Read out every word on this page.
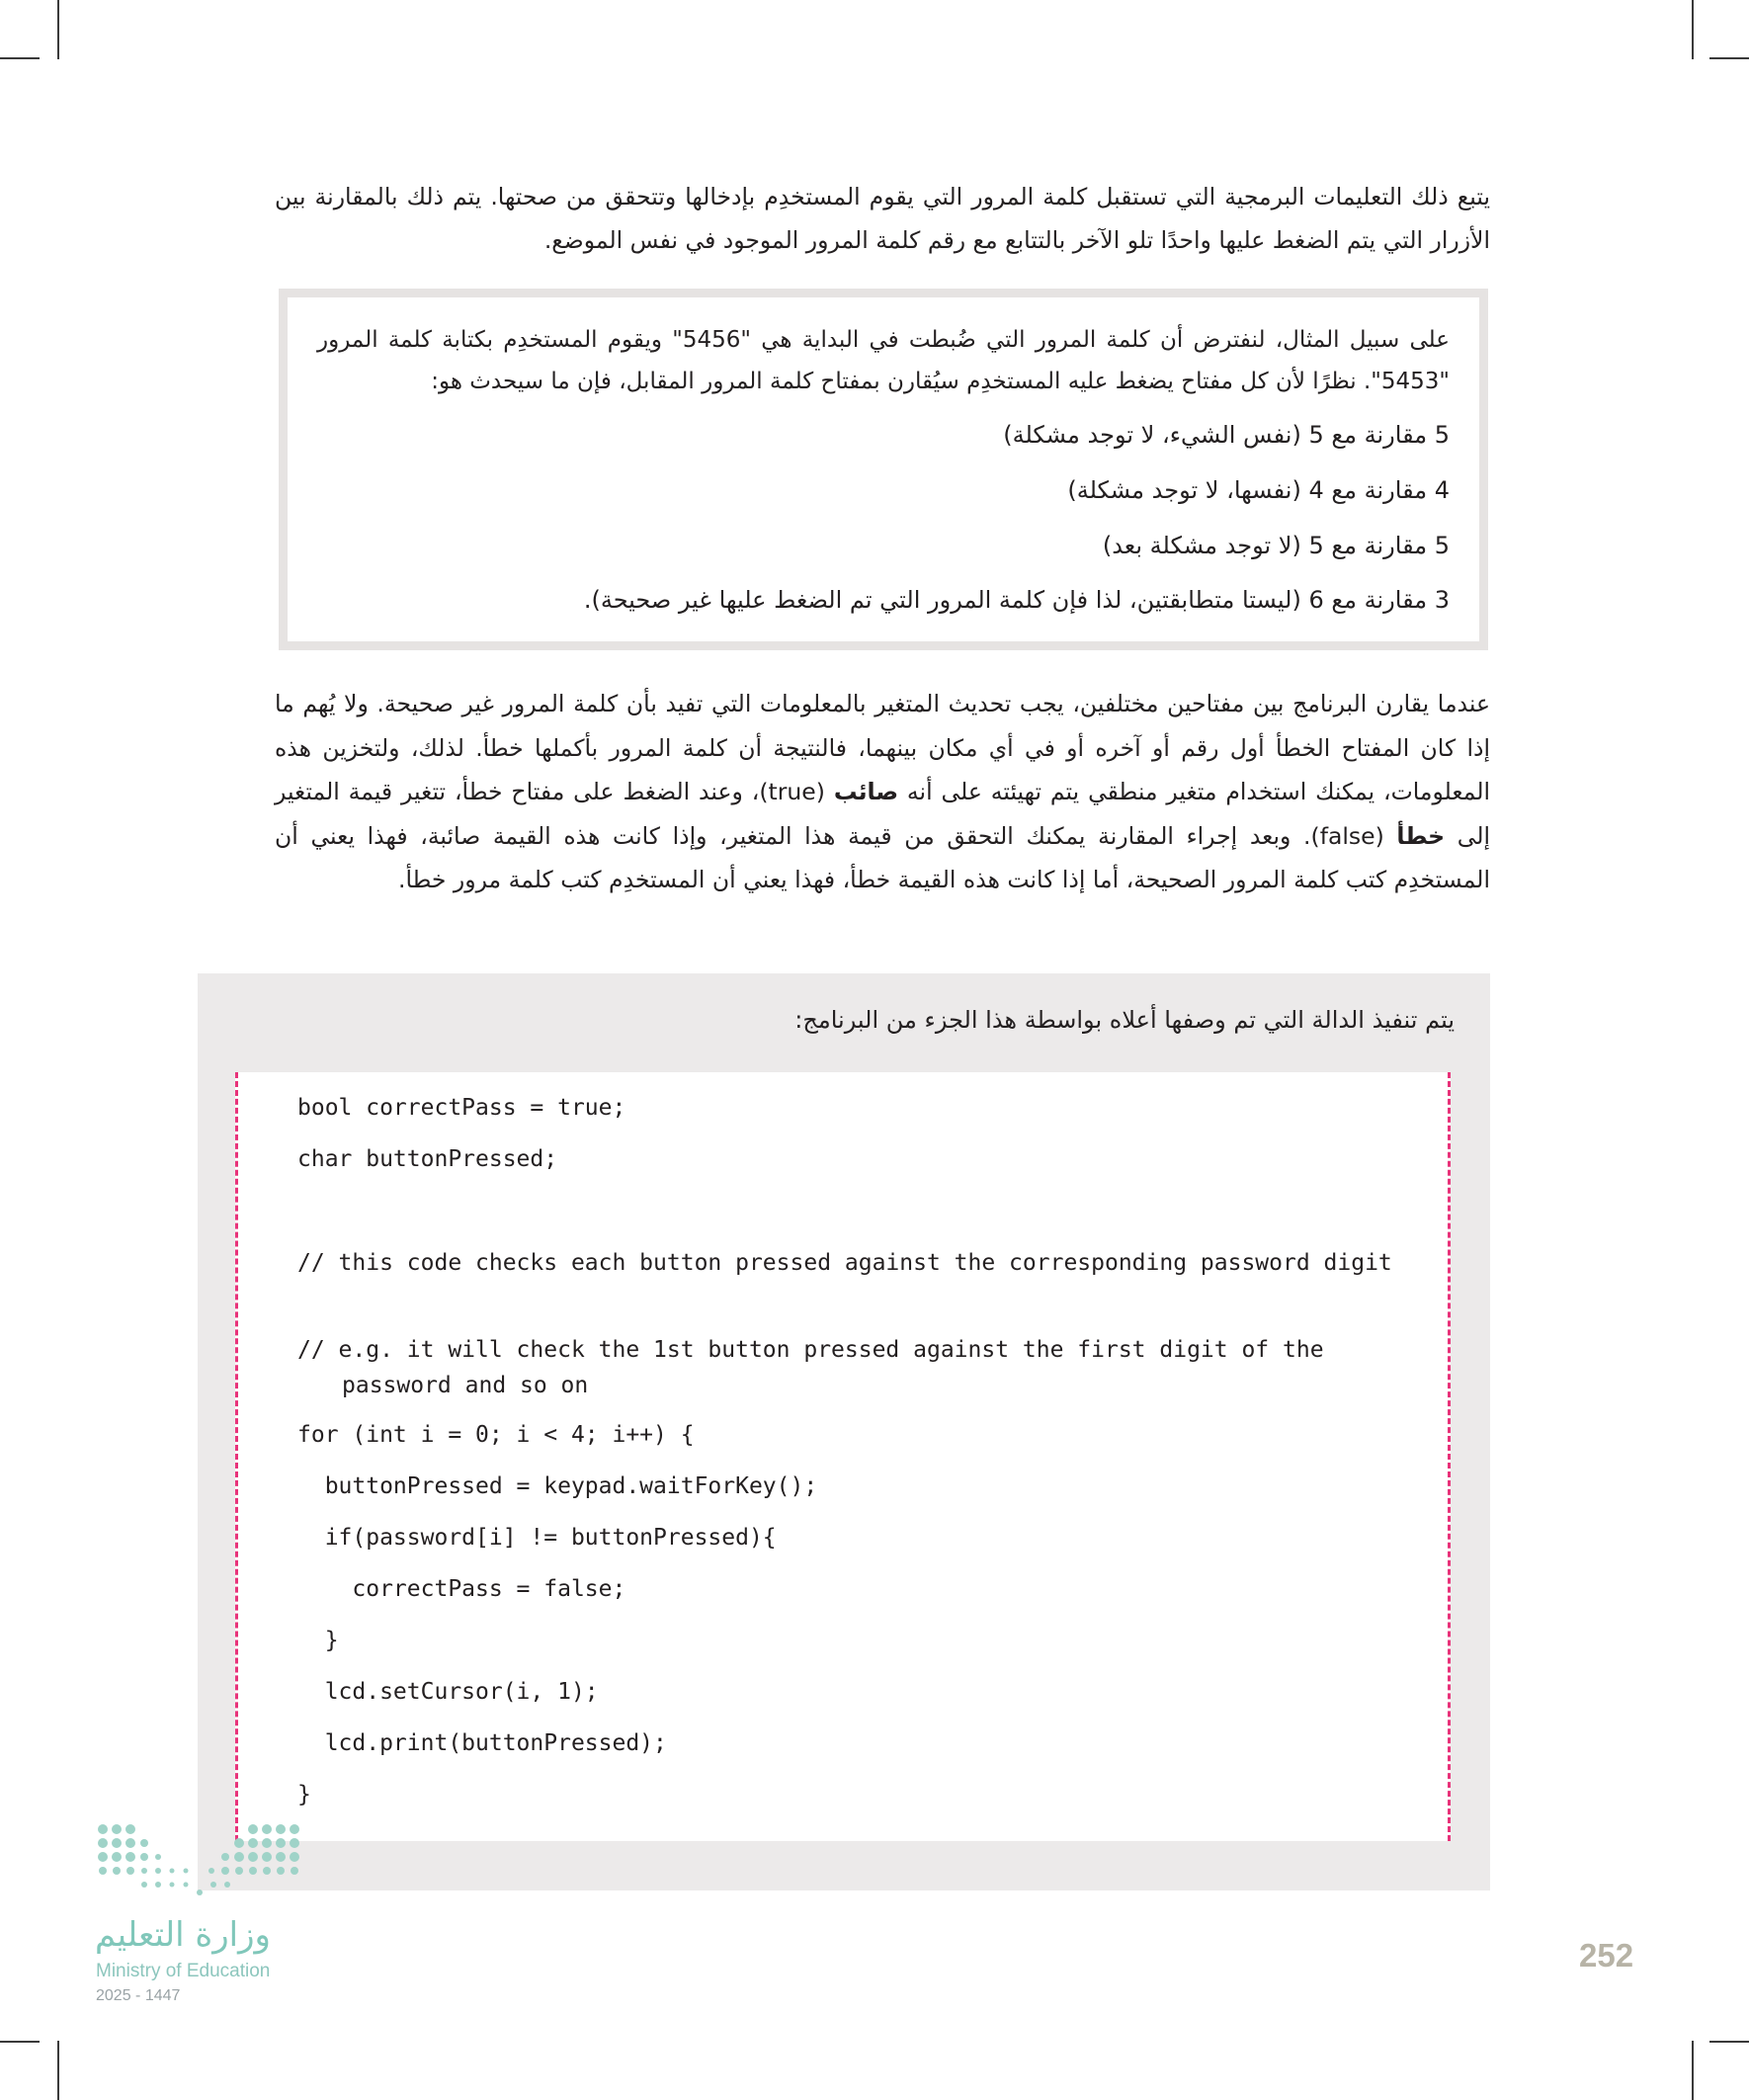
يتبع ذلك التعليمات البرمجية التي تستقبل كلمة المرور التي يقوم المستخدِم بإدخالها وتتحقق من صحتها. يتم ذلك بالمقارنة بين الأزرار التي يتم الضغط عليها واحدًا تلو الآخر بالتتابع مع رقم كلمة المرور الموجود في نفس الموضع.
على سبيل المثال، لنفترض أن كلمة المرور التي ضُبطت في البداية هي "5456" ويقوم المستخدِم بكتابة كلمة المرور "5453". نظرًا لأن كل مفتاح يضغط عليه المستخدِم سيُقارن بمفتاح كلمة المرور المقابل، فإن ما سيحدث هو:
5 مقارنة مع 5 (نفس الشيء، لا توجد مشكلة)
4 مقارنة مع 4 (نفسها، لا توجد مشكلة)
5 مقارنة مع 5 (لا توجد مشكلة بعد)
3 مقارنة مع 6 (ليستا متطابقتين، لذا فإن كلمة المرور التي تم الضغط عليها غير صحيحة).
عندما يقارن البرنامج بين مفتاحين مختلفين، يجب تحديث المتغير بالمعلومات التي تفيد بأن كلمة المرور غير صحيحة. ولا يُهم ما إذا كان المفتاح الخطأ أول رقم أو آخره أو في أي مكان بينهما، فالنتيجة أن كلمة المرور بأكملها خطأ. لذلك، ولتخزين هذه المعلومات، يمكنك استخدام متغير منطقي يتم تهيئته على أنه صائب (true)، وعند الضغط على مفتاح خطأ، تتغير قيمة المتغير إلى خطأ (false). وبعد إجراء المقارنة يمكنك التحقق من قيمة هذا المتغير، وإذا كانت هذه القيمة صائبة، فهذا يعني أن المستخدِم كتب كلمة المرور الصحيحة، أما إذا كانت هذه القيمة خطأ، فهذا يعني أن المستخدِم كتب كلمة مرور خطأ.
يتم تنفيذ الدالة التي تم وصفها أعلاه بواسطة هذا الجزء من البرنامج:
bool correctPass = true;
char buttonPressed;
// this code checks each button pressed against the corresponding password digit
// e.g. it will check the 1st button pressed against the first digit of the password and so on
for (int i = 0; i < 4; i++) {
buttonPressed = keypad.waitForKey();
if(password[i] != buttonPressed){
correctPass = false;
}
lcd.setCursor(i, 1);
lcd.print(buttonPressed);
}
وزارة التعليم
Ministry of Education
2025 - 1447
252
